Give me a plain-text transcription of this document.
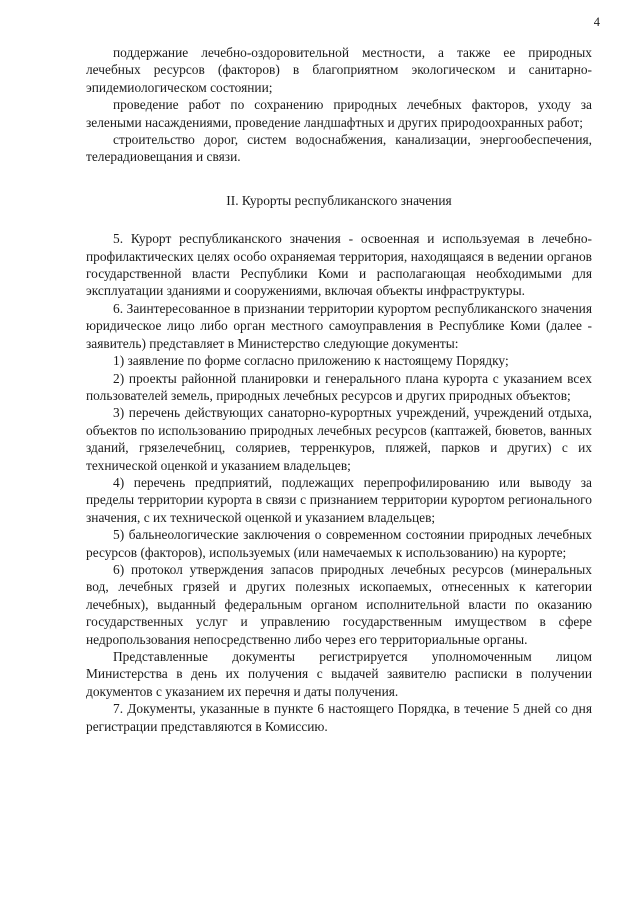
4

поддержание лечебно-оздоровительной местности, а также ее природных лечебных ресурсов (факторов) в благоприятном экологическом и санитарно-эпидемиологическом состоянии;

проведение работ по сохранению природных лечебных факторов, уходу за зелеными насаждениями, проведение ландшафтных и других природоохранных работ;

строительство дорог, систем водоснабжения, канализации, энергообеспечения, телерадиовещания и связи.

II. Курорты республиканского значения

5. Курорт республиканского значения - освоенная и используемая в лечебно-профилактических целях особо охраняемая территория, находящаяся в ведении органов государственной власти Республики Коми и располагающая необходимыми для эксплуатации зданиями и сооружениями, включая объекты инфраструктуры.

6. Заинтересованное в признании территории курортом республиканского значения юридическое лицо либо орган местного самоуправления в Республике Коми (далее - заявитель) представляет в Министерство следующие документы:

1) заявление по форме согласно приложению к настоящему Порядку;

2) проекты районной планировки и генерального плана курорта с указанием всех пользователей земель, природных лечебных ресурсов и других природных объектов;

3) перечень действующих санаторно-курортных учреждений, учреждений отдыха, объектов по использованию природных лечебных ресурсов (каптажей, бюветов, ванных зданий, грязелечебниц, соляриев, терренкуров, пляжей, парков и других) с их технической оценкой и указанием владельцев;

4) перечень предприятий, подлежащих перепрофилированию или выводу за пределы территории курорта в связи с признанием территории курортом регионального значения, с их технической оценкой и указанием владельцев;

5) бальнеологические заключения о современном состоянии природных лечебных ресурсов (факторов), используемых (или намечаемых к использованию) на курорте;

6) протокол утверждения запасов природных лечебных ресурсов (минеральных вод, лечебных грязей и других полезных ископаемых, отнесенных к категории лечебных), выданный федеральным органом исполнительной власти по оказанию государственных услуг и управлению государственным имуществом в сфере недропользования непосредственно либо через его территориальные органы.

Представленные документы регистрируется уполномоченным лицом Министерства в день их получения с выдачей заявителю расписки в получении документов с указанием их перечня и даты получения.

7. Документы, указанные в пункте 6 настоящего Порядка, в течение 5 дней со дня регистрации представляются в Комиссию.
